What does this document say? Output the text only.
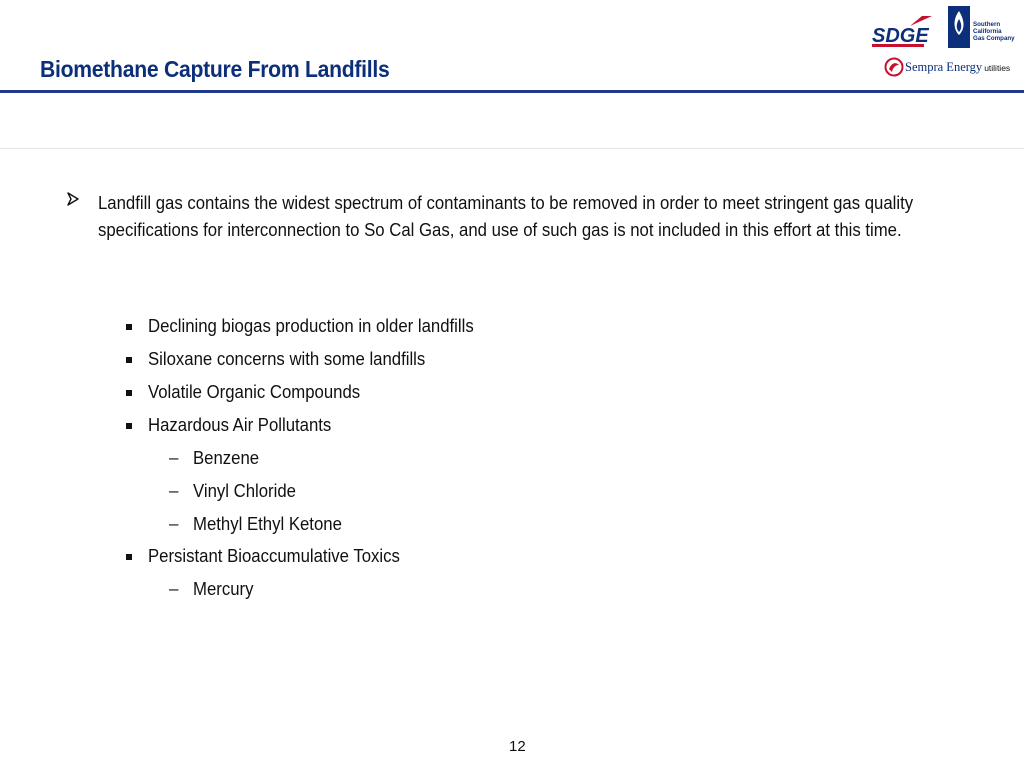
Biomethane Capture From Landfills
SDGE
Southern
California
Gas Company
Sempra Energy utilities
Landfill gas contains the widest spectrum of contaminants to be removed in order to meet stringent gas quality specifications for interconnection to So Cal Gas, and use of such gas is not included in this effort at this time.
Declining biogas production in older landfills
Siloxane concerns with some landfills
Volatile Organic Compounds
Hazardous Air Pollutants
– Benzene
– Vinyl Chloride
– Methyl Ethyl Ketone
Persistant Bioaccumulative Toxics
– Mercury
12
